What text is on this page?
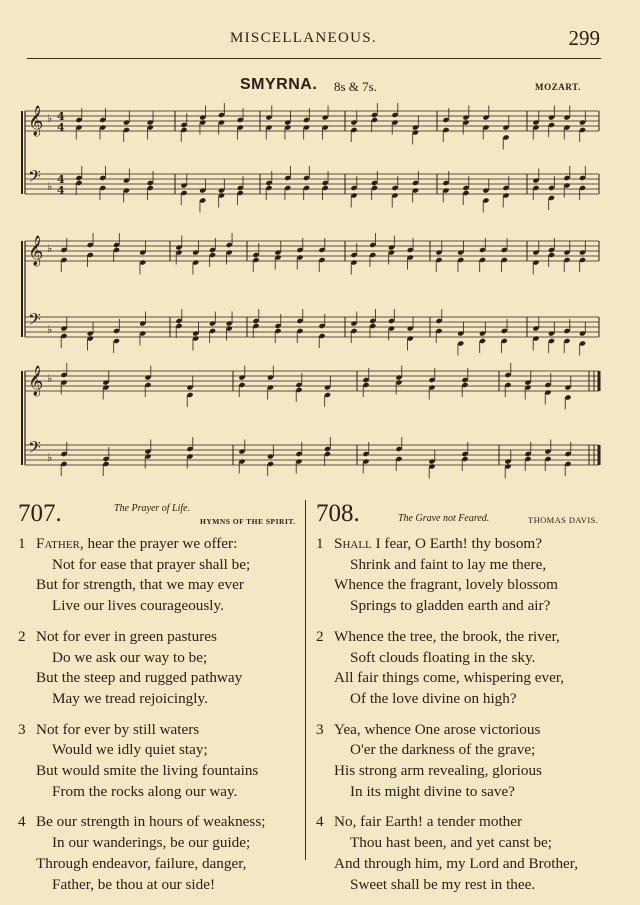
MISCELLANEOUS.	299
SMYRNA. 8s & 7s.	MOZART.
𝄞 ♭ 4
4
𝄢 ♭
4
4
𝄞 ♭
𝄢 ♭
𝄞 ♭
𝄢 ♭
707.	The Prayer of Life.
HYMNS OF THE SPIRIT.
1 Father, hear the prayer we offer:
Not for ease that prayer shall be;
But for strength, that we may ever
Live our lives courageously.
2 Not for ever in green pastures
Do we ask our way to be;
But the steep and rugged pathway
May we tread rejoicingly.
3 Not for ever by still waters
Would we idly quiet stay;
But would smite the living fountains
From the rocks along our way.
4 Be our strength in hours of weakness;
In our wanderings, be our guide;
Through endeavor, failure, danger,
Father, be thou at our side!
708.	The Grave not Feared.	THOMAS DAVIS.
1 Shall I fear, O Earth! thy bosom?
Shrink and faint to lay me there,
Whence the fragrant, lovely blossom
Springs to gladden earth and air?
2 Whence the tree, the brook, the river,
Soft clouds floating in the sky.
All fair things come, whispering ever,
Of the love divine on high?
3 Yea, whence One arose victorious
O'er the darkness of the grave;
His strong arm revealing, glorious
In its might divine to save?
4 No, fair Earth! a tender mother
Thou hast been, and yet canst be;
And through him, my Lord and Brother,
Sweet shall be my rest in thee.
